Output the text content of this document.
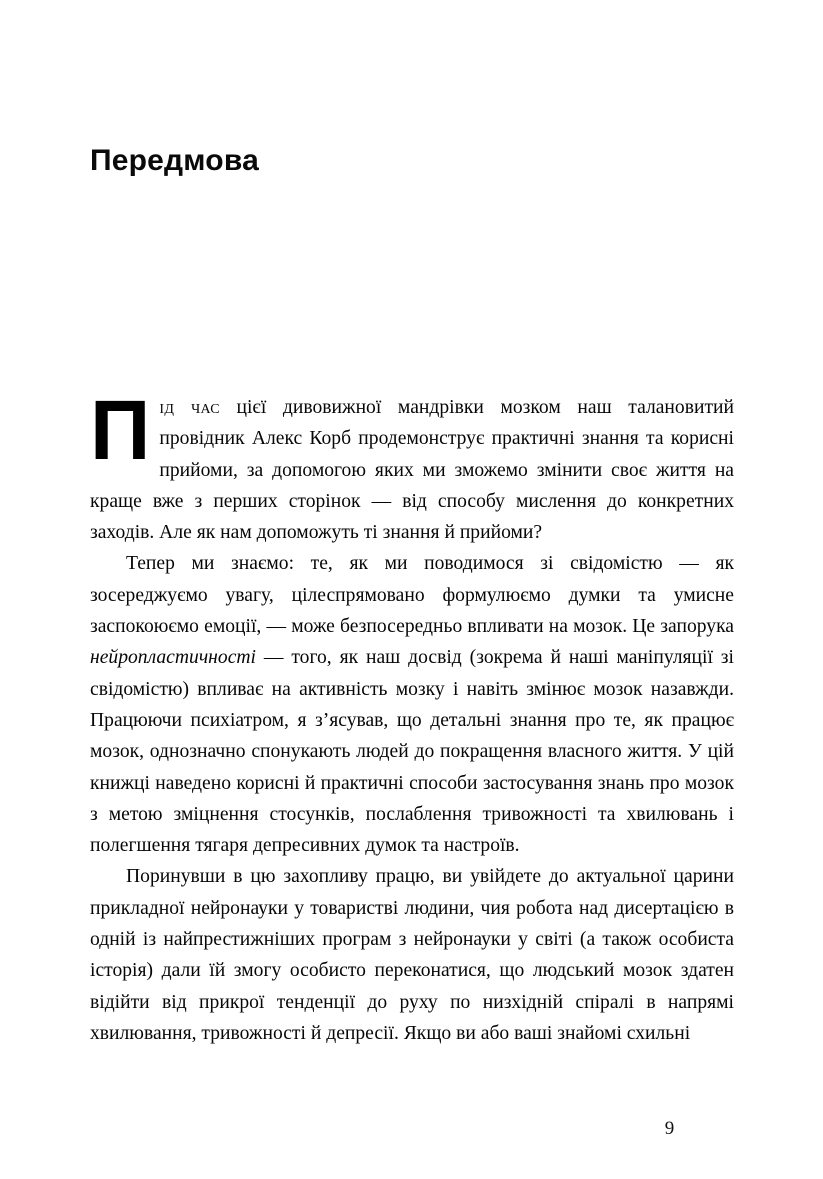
Передмова

Під час цієї дивовижної мандрівки мозком наш талановитий провідник Алекс Корб продемонструє практичні знання та корисні прийоми, за допомогою яких ми зможемо змінити своє життя на краще вже з перших сторінок — від способу мислення до конкретних заходів. Але як нам допоможуть ті знання й прийоми?

Тепер ми знаємо: те, як ми поводимося зі свідомістю — як зосереджуємо увагу, цілеспрямовано формулюємо думки та умисне заспокоюємо емоції, — може безпосередньо впливати на мозок. Це запорука нейропластичності — того, як наш досвід (зокрема й наші маніпуляції зі свідомістю) впливає на активність мозку і навіть змінює мозок назавжди. Працюючи психіатром, я з’ясував, що детальні знання про те, як працює мозок, однозначно спонукають людей до покращення власного життя. У цій книжці наведено корисні й практичні способи застосування знань про мозок з метою зміцнення стосунків, послаблення тривожності та хвилювань і полегшення тягаря депресивних думок та настроїв.

Поринувши в цю захопливу працю, ви увійдете до актуальної царини прикладної нейронауки у товаристві людини, чия робота над дисертацією в одній із найпрестижніших програм з нейронауки у світі (а також особиста історія) дали їй змогу особисто переконатися, що людський мозок здатен відійти від прикрої тенденції до руху по низхідній спіралі в напрямі хвилювання, тривожності й депресії. Якщо ви або ваші знайомі схильні

9
